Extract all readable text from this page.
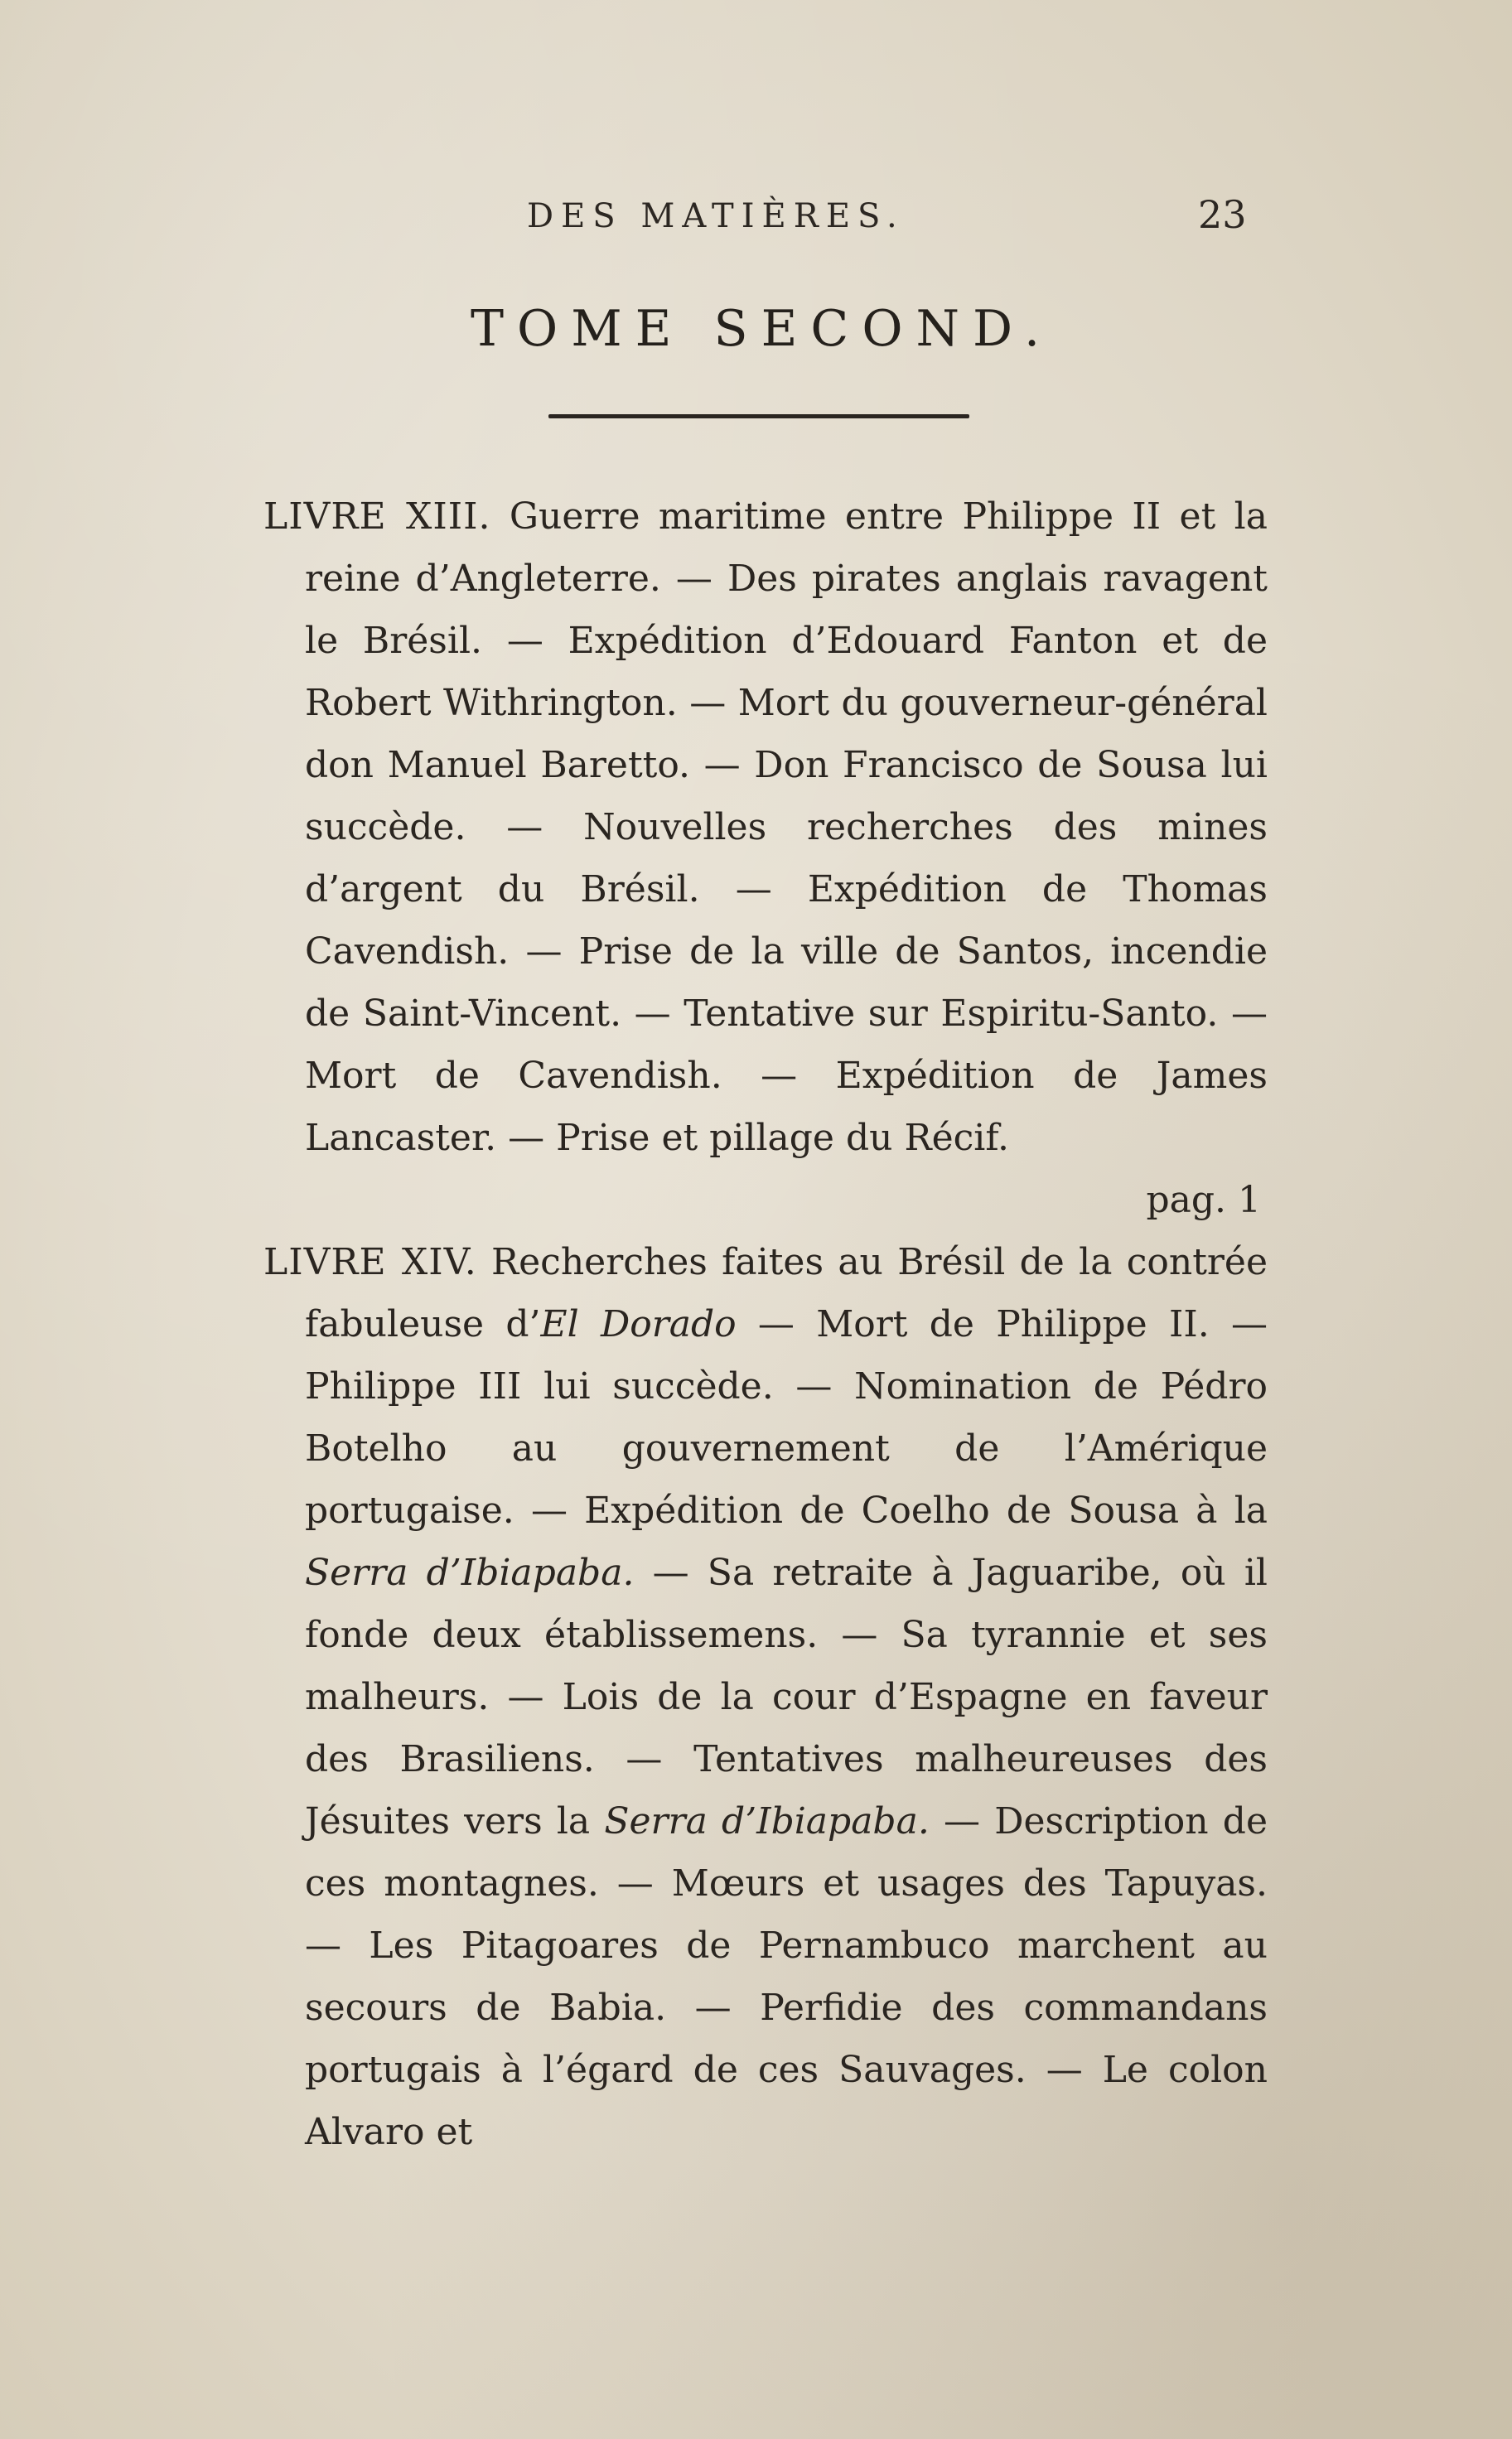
DES MATIÈRES.	23
TOME SECOND.

LIVRE XIII. Guerre maritime entre Philippe II et la reine d’Angleterre. — Des pirates anglais ravagent le Brésil. — Expédition d’Edouard Fanton et de Robert Withrington. — Mort du gouverneur-général don Manuel Baretto. — Don Francisco de Sousa lui succède. — Nouvelles recherches des mines d’argent du Brésil. — Expédition de Thomas Cavendish. — Prise de la ville de Santos, incendie de Saint-Vincent. — Tentative sur Espiritu-Santo. — Mort de Cavendish. — Expédition de James Lancaster. — Prise et pillage du Récif.

pag. 1

LIVRE XIV. Recherches faites au Brésil de la contrée fabuleuse d’El Dorado — Mort de Philippe II. — Philippe III lui succède. — Nomination de Pédro Botelho au gouvernement de l’Amérique portugaise. — Expédition de Coelho de Sousa à la Serra d’Ibiapaba. — Sa retraite à Jaguaribe, où il fonde deux établissemens. — Sa tyrannie et ses malheurs. — Lois de la cour d’Espagne en faveur des Brasiliens. — Tentatives malheureuses des Jésuites vers la Serra d’Ibiapaba. — Description de ces montagnes. — Mœurs et usages des Tapuyas. — Les Pitagoares de Pernambuco marchent au secours de Babia. — Perfidie des commandans portugais à l’égard de ces Sauvages. — Le colon Alvaro et
